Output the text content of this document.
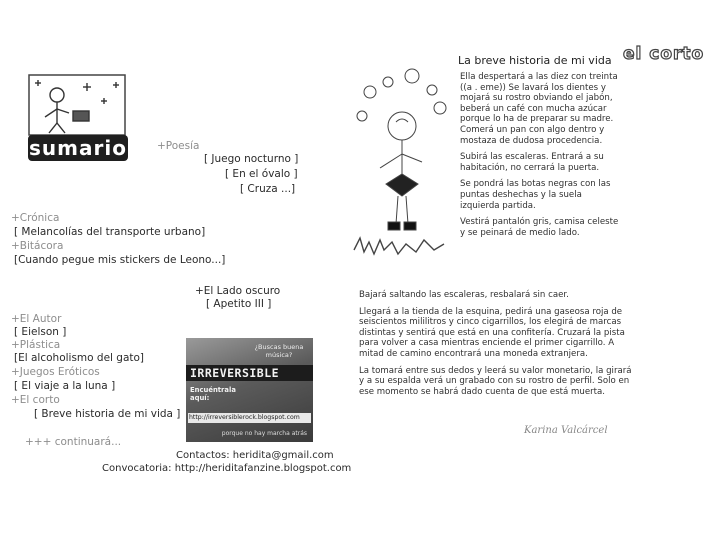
sumario	+Poesía
[ Juego nocturno ]
[ En el óvalo ]
[ Cruza ...]
+Crónica
[ Melancolías del transporte urbano]
+Bitácora
[Cuando pegue mis stickers de Leono...]
+El Lado oscuro
[ Apetito III ]
+El Autor
[ Eielson ]
+Plástica
[El alcoholismo del gato]
+Juegos Eróticos
[ El viaje a la luna ]
+El corto
[ Breve historia de mi vida ]
+++ continuará...
¿Buscas buena música?
IRREVERSIBLE
Encuéntrala aquí:
http://irreversiblerock.blogspot.com
porque no hay marcha atrás
Contactos: heridita@gmail.com
Convocatoria: http://heriditafanzine.blogspot.com
La breve historia de mi vida el corto

Ella despertará a las diez con treinta ((a . eme)) Se lavará los dientes y mojará su rostro obviando el jabón, beberá un café con mucha azúcar porque lo ha de preparar su madre. Comerá un pan con algo dentro y mostaza de dudosa procedencia.

Subirá las escaleras. Entrará a su habitación, no cerrará la puerta.

Se pondrá las botas negras con las puntas deshechas y la suela izquierda partida.

Vestirá pantalón gris, camisa celeste y se peinará de medio lado.

Bajará saltando las escaleras, resbalará sin caer.

Llegará a la tienda de la esquina, pedirá una gaseosa roja de seiscientos mililitros y cinco cigarrillos, los elegirá de marcas distintas y sentirá que está en una confitería. Cruzará la pista para volver a casa mientras enciende el primer cigarrillo. A mitad de camino encontrará una moneda extranjera.

La tomará entre sus dedos y leerá su valor monetario, la girará y a su espalda verá un grabado con su rostro de perfil. Solo en ese momento se habrá dado cuenta de que está muerta.

Karina Valcárcel
